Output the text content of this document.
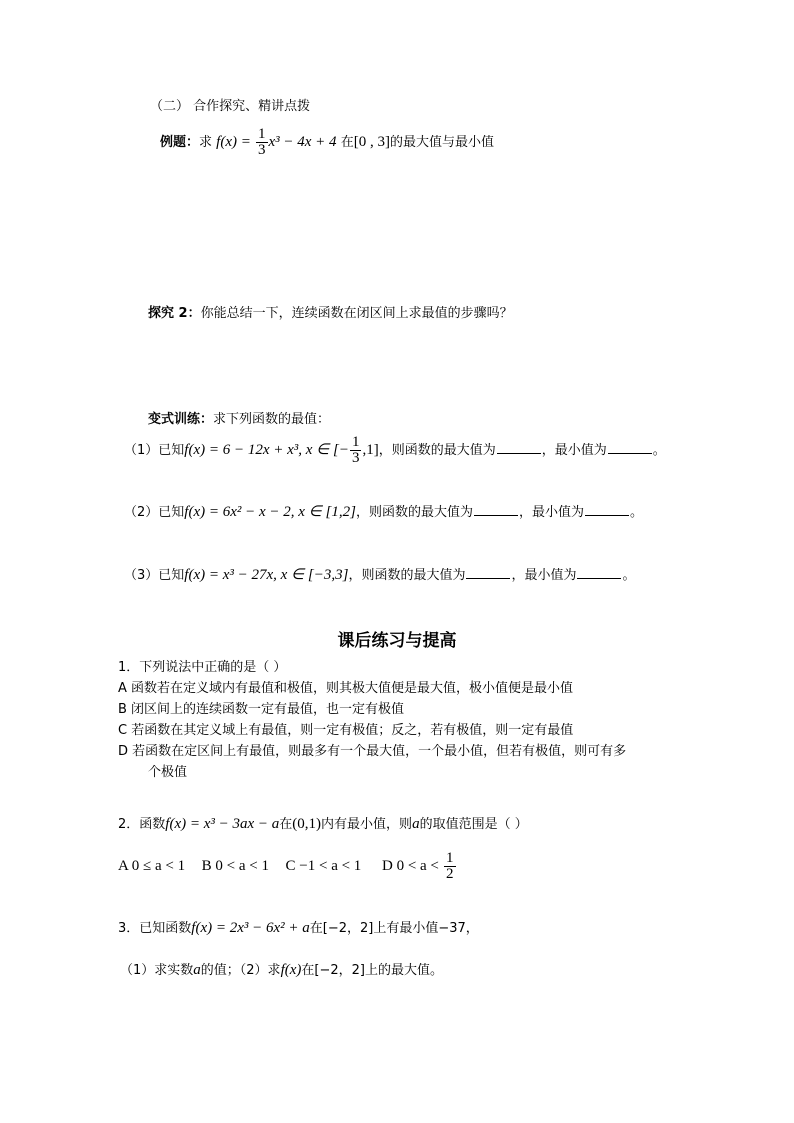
（二） 合作探究、精讲点拨
例题：求 $f(x) = \frac{1}{3} x^3 - 4x + 4$ 在[0 , 3]的最大值与最小值
探究 2：你能总结一下，连续函数在闭区间上求最值的步骤吗？
变式训练：求下列函数的最值：
（1）已知f(x) = 6 − 12x + x³, x ∈ [− $\frac{1}{3} ,1$]，则函数的最大值为	，最小值为	。
（2）已知f(x) = 6x² − x − 2, x ∈ [1,2]，则函数的最大值为	，最小值为	。
（3）已知f(x) = x³ − 27x, x ∈ [−3,3]，则函数的最大值为	，最小值为	。
课后练习与提高
1．下列说法中正确的是（ ）
A 函数若在定义域内有最值和极值，则其极大值便是最大值，极小值便是最小值
B 闭区间上的连续函数一定有最值，也一定有极值
C 若函数在其定义域上有最值，则一定有极值；反之，若有极值，则一定有最值
D 若函数在定区间上有最值，则最多有一个最大值，一个最小值，但若有极值，则可有多
个极值
2．函数f(x) = x³ − 3ax − a在(0,1)内有最小值，则a的取值范围是（ ）
A 0 ≤ a < 1 B 0 < a < 1 C −1 < a < 1 D $0 < a < \frac{1}{2}$
3．已知函数f(x) = 2x³ − 6x² + a在[−2，2]上有最小值−37，
（1）求实数a的值；（2）求f(x)在[−2，2]上的最大值。
